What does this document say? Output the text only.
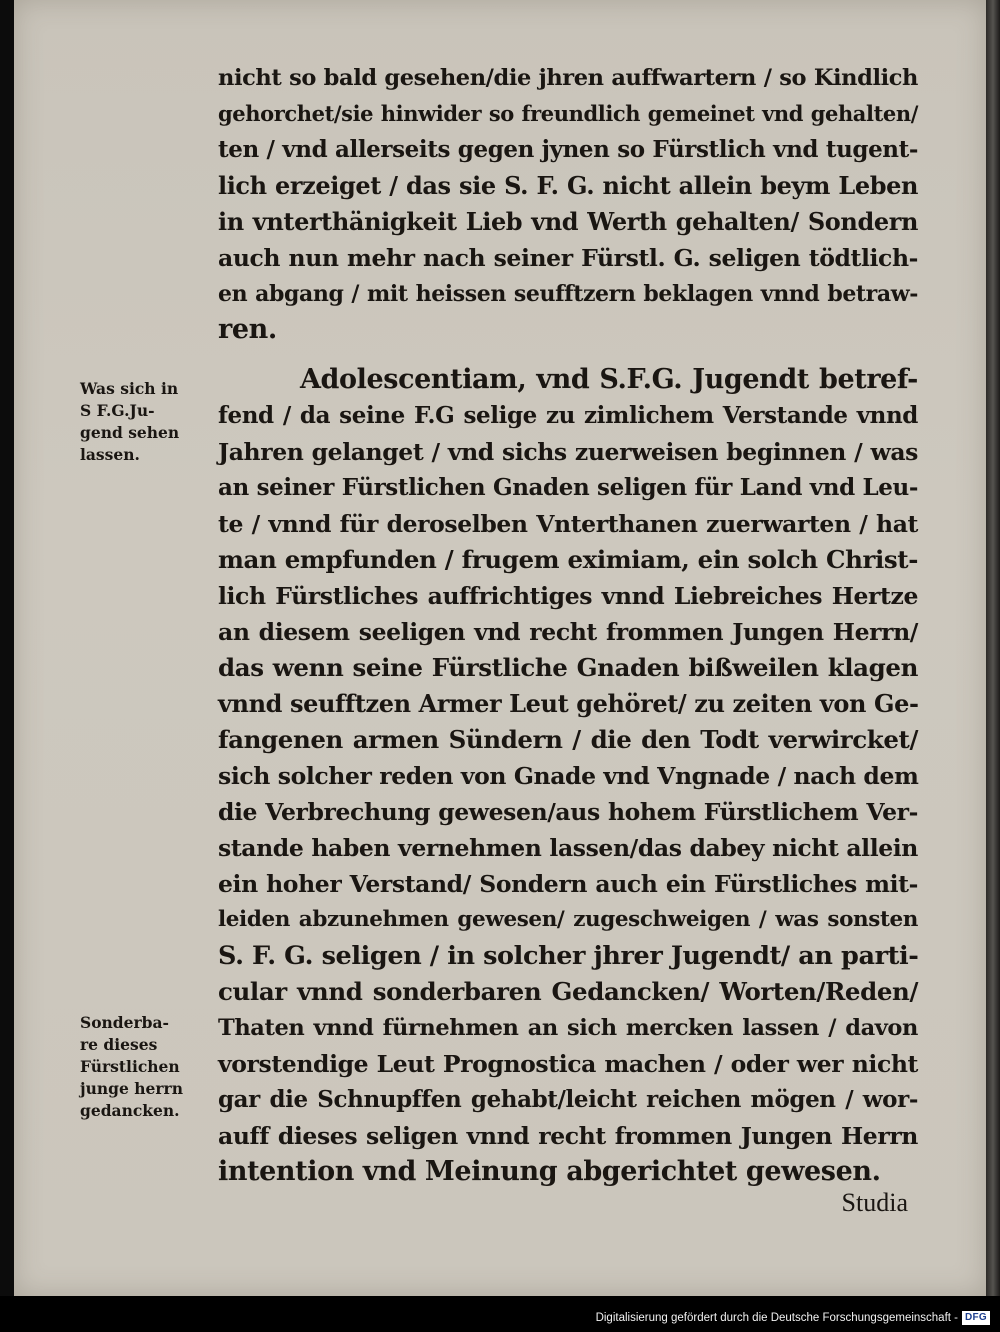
nicht so bald gesehen/die jhren auffwartern / so Kindlich
gehorchet/sie hinwider so freundlich gemeinet vnd gehalten/
ten / vnd allerseits gegen jynen so Fürstlich vnd tugent-
lich erzeiget / das sie S. F. G. nicht allein beym Leben
in vnterthänigkeit Lieb vnd Werth gehalten/ Sondern
auch nun mehr nach seiner Fürstl. G. seligen tödtlich-
en abgang / mit heissen seufftzern beklagen vnnd betraw-
ren.
Adolescentiam, vnd S.F.G. Jugendt betref-
fend / da seine F.G selige zu zimlichem Verstande vnnd
Jahren gelanget / vnd sichs zuerweisen beginnen / was
an seiner Fürstlichen Gnaden seligen für Land vnd Leu-
te / vnnd für deroselben Vnterthanen zuerwarten / hat
man empfunden / frugem eximiam, ein solch Christ-
lich Fürstliches auffrichtiges vnnd Liebreiches Hertze
an diesem seeligen vnd recht frommen Jungen Herrn/
das wenn seine Fürstliche Gnaden bißweilen klagen
vnnd seufftzen Armer Leut gehöret/ zu zeiten von Ge-
fangenen armen Sündern / die den Todt verwircket/
sich solcher reden von Gnade vnd Vngnade / nach dem
die Verbrechung gewesen/aus hohem Fürstlichem Ver-
stande haben vernehmen lassen/das dabey nicht allein
ein hoher Verstand/ Sondern auch ein Fürstliches mit-
leiden abzunehmen gewesen/ zugeschweigen / was sonsten
S. F. G. seligen / in solcher jhrer Jugendt/ an parti-
cular vnnd sonderbaren Gedancken/ Worten/Reden/
Thaten vnnd fürnehmen an sich mercken lassen / davon
vorstendige Leut Prognostica machen / oder wer nicht
gar die Schnupffen gehabt/leicht reichen mögen / wor-
auff dieses seligen vnnd recht frommen Jungen Herrn
intention vnd Meinung abgerichtet gewesen.
Was sich in
S F.G.Ju-
gend sehen
lassen.
Sonderba-
re dieses
Fürstlichen
junge herrn
gedancken.
Studia
Digitalisierung gefördert durch die Deutsche Forschungsgemeinschaft - DFG
